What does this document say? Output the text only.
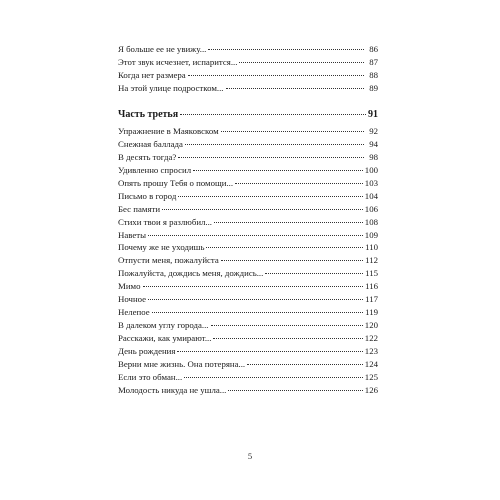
Я больше ее не увижу...	86
Этот звук исчезнет, испарится...	87
Когда нет размера	88
На этой улице подростком...	89
Часть третья	91
Упражнение в Маяковском	92
Снежная баллада	94
В десять тогда?	98
Удивленно спросил	100
Опять прошу Тебя о помощи...	103
Письмо в город	104
Бес памяти	106
Стихи твои я разлюбил...	108
Наветы	109
Почему же не уходишь	110
Отпусти меня, пожалуйста	112
Пожалуйста, дождись меня, дождись...	115
Мимо	116
Ночное	117
Нелепое	119
В далеком углу города...	120
Расскажи, как умирают...	122
День рождения	123
Верни мне жизнь. Она потеряна...	124
Если это обман...	125
Молодость никуда не ушла...	126
5
